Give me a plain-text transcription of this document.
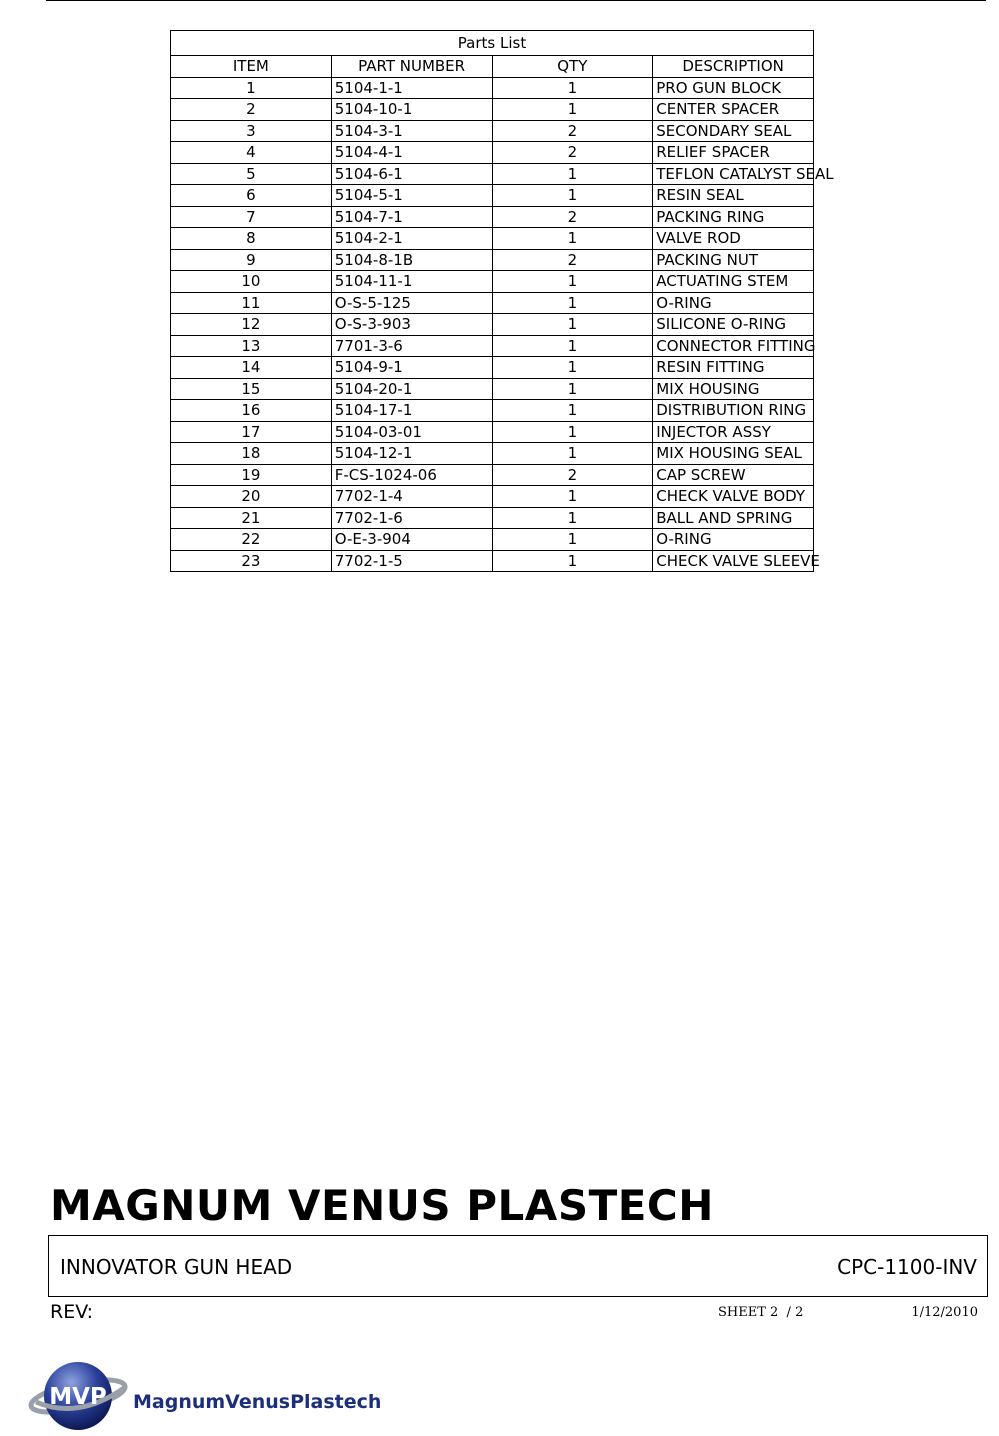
Parts List			
ITEM	PART NUMBER	QTY	DESCRIPTION
1	5104-1-1	1	PRO GUN BLOCK
2	5104-10-1	1	CENTER SPACER
3	5104-3-1	2	SECONDARY SEAL
4	5104-4-1	2	RELIEF SPACER
5	5104-6-1	1	TEFLON CATALYST SEAL
6	5104-5-1	1	RESIN SEAL
7	5104-7-1	2	PACKING RING
8	5104-2-1	1	VALVE ROD
9	5104-8-1B	2	PACKING NUT
10	5104-11-1	1	ACTUATING STEM
11	O-S-5-125	1	O-RING
12	O-S-3-903	1	SILICONE O-RING
13	7701-3-6	1	CONNECTOR FITTING
14	5104-9-1	1	RESIN FITTING
15	5104-20-1	1	MIX HOUSING
16	5104-17-1	1	DISTRIBUTION RING
17	5104-03-01	1	INJECTOR ASSY
18	5104-12-1	1	MIX HOUSING SEAL
19	F-CS-1024-06	2	CAP SCREW
20	7702-1-4	1	CHECK VALVE BODY
21	7702-1-6	1	BALL AND SPRING
22	O-E-3-904	1	O-RING
23	7702-1-5	1	CHECK VALVE SLEEVE
MAGNUM VENUS PLASTECH
INNOVATOR GUN HEAD	CPC-1100-INV
REV:	SHEET 2  / 2	1/12/2010
MVP MagnumVenusPlastech
